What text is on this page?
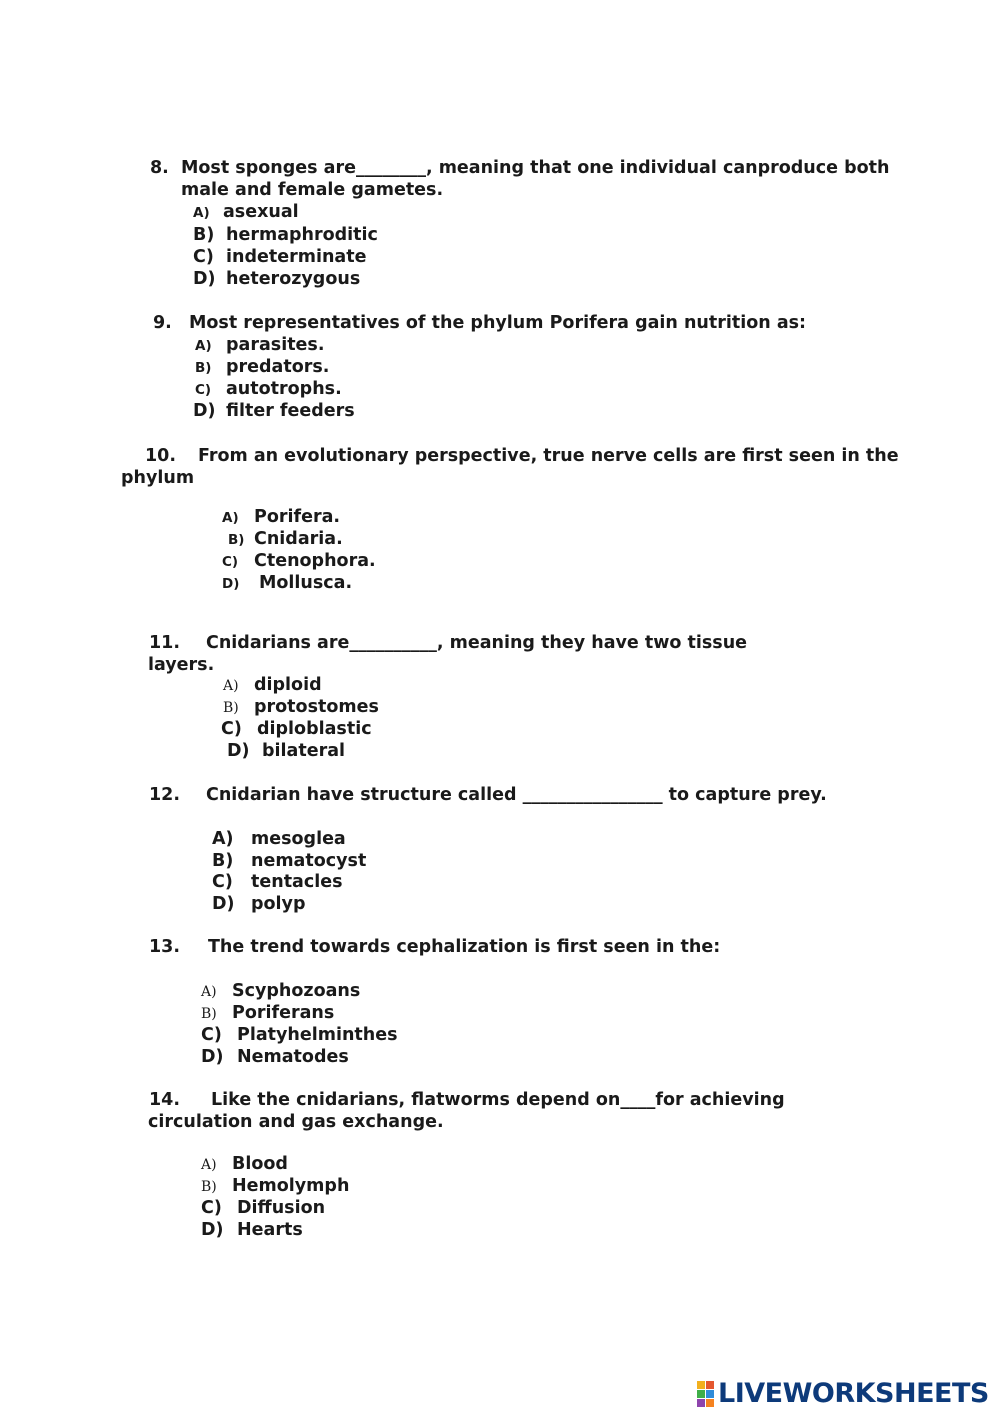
8. Most sponges are________, meaning that one individual canproduce both
male and female gametes.
A) asexual
B) hermaphroditic
C) indeterminate
D) heterozygous
9. Most representatives of the phylum Porifera gain nutrition as:
A) parasites.
B) predators.
C) autotrophs.
D) filter feeders
10. From an evolutionary perspective, true nerve cells are first seen in the
phylum
A) Porifera.
B) Cnidaria.
C) Ctenophora.
D) Mollusca.
11. Cnidarians are__________, meaning they have two tissue
layers.
A) diploid
B) protostomes
C) diploblastic
D) bilateral
12. Cnidarian have structure called ________________ to capture prey.
A) mesoglea
B) nematocyst
C) tentacles
D) polyp
13. The trend towards cephalization is first seen in the:
A) Scyphozoans
B) Poriferans
C) Platyhelminthes
D) Nematodes
14. Like the cnidarians, flatworms depend on____for achieving
circulation and gas exchange.
A) Blood
B) Hemolymph
C) Diffusion
D) Hearts
LIVEWORKSHEETS
